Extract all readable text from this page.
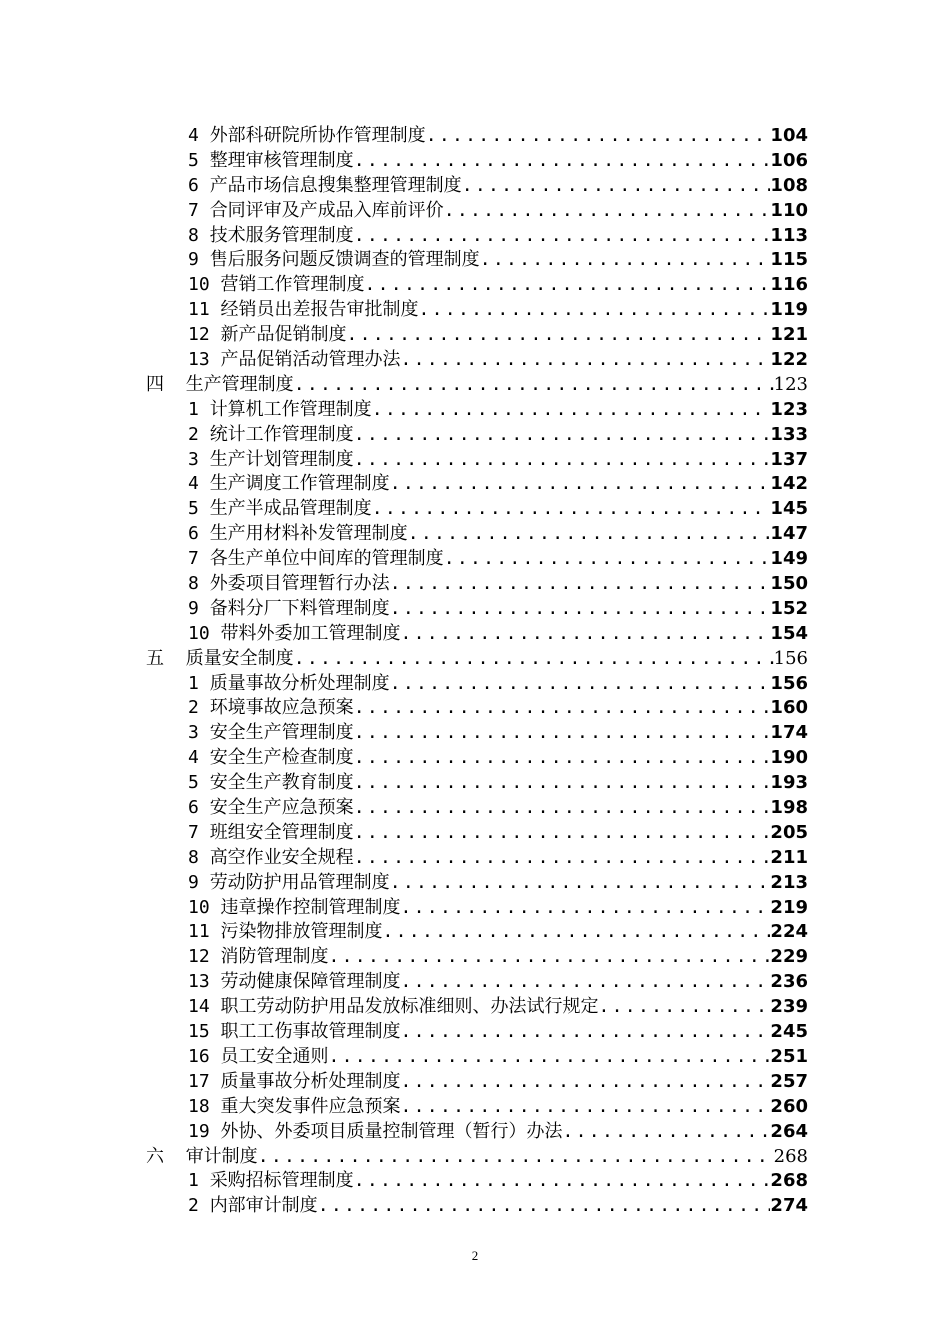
4 外部科研院所协作管理制度 .....	104
5 整理审核管理制度 .....	106
6 产品市场信息搜集整理管理制度 .....	108
7 合同评审及产成品入库前评价 .....	110
8 技术服务管理制度 .....	113
9 售后服务问题反馈调查的管理制度 .....	115
10 营销工作管理制度 .....	116
11 经销员出差报告审批制度 .....	119
12 新产品促销制度 .....	121
13 产品促销活动管理办法 .....	122
四	生产管理制度 .....	123
1 计算机工作管理制度 .....	123
2 统计工作管理制度 .....	133
3 生产计划管理制度 .....	137
4 生产调度工作管理制度 .....	142
5 生产半成品管理制度 .....	145
6 生产用材料补发管理制度 .....	147
7 各生产单位中间库的管理制度 .....	149
8 外委项目管理暂行办法 .....	150
9 备料分厂下料管理制度 .....	152
10 带料外委加工管理制度 .....	154
五	质量安全制度 .....	156
1 质量事故分析处理制度 .....	156
2 环境事故应急预案 .....	160
3 安全生产管理制度 .....	174
4 安全生产检查制度 .....	190
5 安全生产教育制度 .....	193
6 安全生产应急预案 .....	198
7 班组安全管理制度 .....	205
8 高空作业安全规程 .....	211
9 劳动防护用品管理制度 .....	213
10 违章操作控制管理制度 .....	219
11 污染物排放管理制度 .....	224
12 消防管理制度 .....	229
13 劳动健康保障管理制度 .....	236
14 职工劳动防护用品发放标准细则、办法试行规定 .....	239
15 职工工伤事故管理制度 .....	245
16 员工安全通则 .....	251
17 质量事故分析处理制度 .....	257
18 重大突发事件应急预案 .....	260
19 外协、外委项目质量控制管理（暂行）办法 .....	264
六	审计制度 .....	268
1 采购招标管理制度 .....	268
2 内部审计制度 .....	274
2
